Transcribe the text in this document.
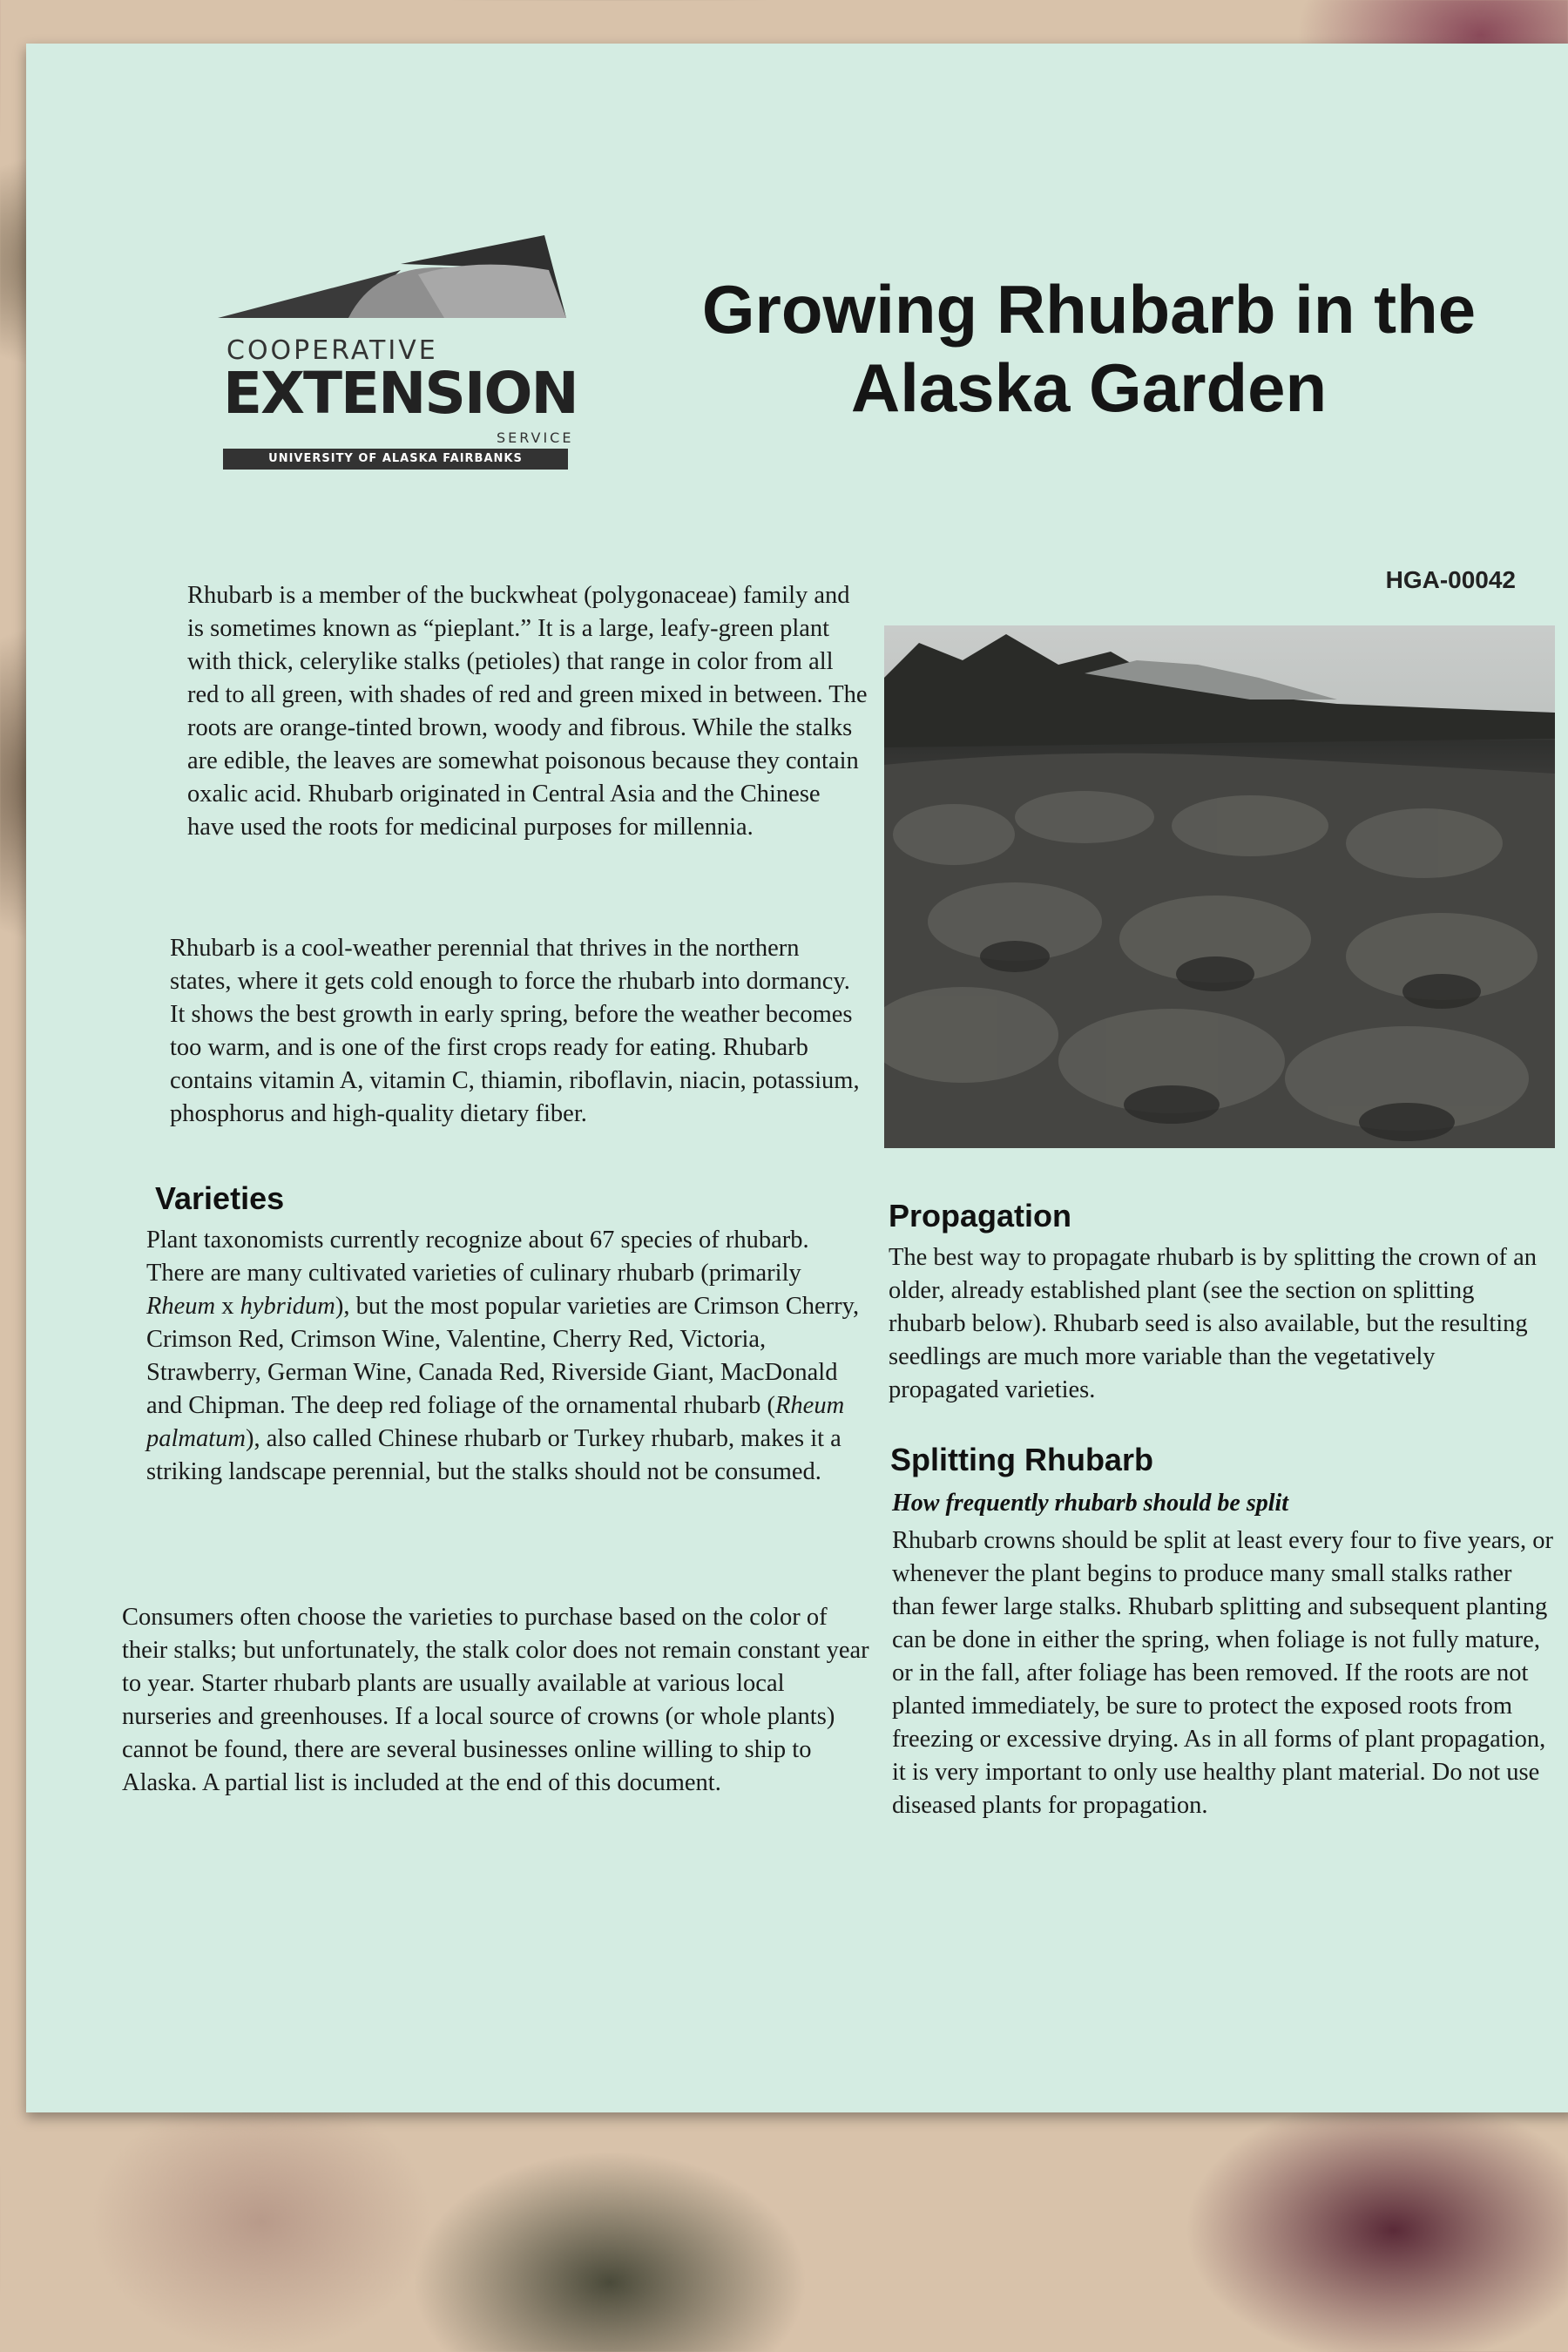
COOPERATIVE
EXTENSION
SERVICE
UNIVERSITY OF ALASKA FAIRBANKS
Growing Rhubarb in the Alaska Garden
HGA-00042

Rhubarb is a member of the buckwheat (polygonaceae) family and is sometimes known as “pieplant.” It is a large, leafy-green plant with thick, celerylike stalks (petioles) that range in color from all red to all green, with shades of red and green mixed in between. The roots are orange-tinted brown, woody and fibrous. While the stalks are edible, the leaves are somewhat poisonous because they contain oxalic acid. Rhubarb originated in Central Asia and the Chinese have used the roots for medicinal purposes for millennia.

Rhubarb is a cool-weather perennial that thrives in the northern states, where it gets cold enough to force the rhubarb into dormancy. It shows the best growth in early spring, before the weather becomes too warm, and is one of the first crops ready for eating. Rhubarb contains vitamin A, vitamin C, thiamin, riboflavin, niacin, potassium, phosphorus and high-quality dietary fiber.

Varieties

Plant taxonomists currently recognize about 67 species of rhubarb. There are many cultivated varieties of culinary rhubarb (primarily Rheum x hybridum), but the most popular varieties are Crimson Cherry, Crimson Red, Crimson Wine, Valentine, Cherry Red, Victoria, Strawberry, German Wine, Canada Red, Riverside Giant, MacDonald and Chipman. The deep red foliage of the ornamental rhubarb (Rheum palmatum), also called Chinese rhubarb or Turkey rhubarb, makes it a striking landscape perennial, but the stalks should not be consumed.

Consumers often choose the varieties to purchase based on the color of their stalks; but unfortunately, the stalk color does not remain constant year to year. Starter rhubarb plants are usually available at various local nurseries and greenhouses. If a local source of crowns (or whole plants) cannot be found, there are several businesses online willing to ship to Alaska. A partial list is included at the end of this document.

Propagation

The best way to propagate rhubarb is by splitting the crown of an older, already established plant (see the section on splitting rhubarb below). Rhubarb seed is also available, but the resulting seedlings are much more variable than the vegetatively propagated varieties.

Splitting Rhubarb

How frequently rhubarb should be split

Rhubarb crowns should be split at least every four to five years, or whenever the plant begins to produce many small stalks rather than fewer large stalks. Rhubarb splitting and subsequent planting can be done in either the spring, when foliage is not fully mature, or in the fall, after foliage has been removed. If the roots are not planted immediately, be sure to protect the exposed roots from freezing or excessive drying. As in all forms of plant propagation, it is very important to only use healthy plant material. Do not use diseased plants for propagation.
